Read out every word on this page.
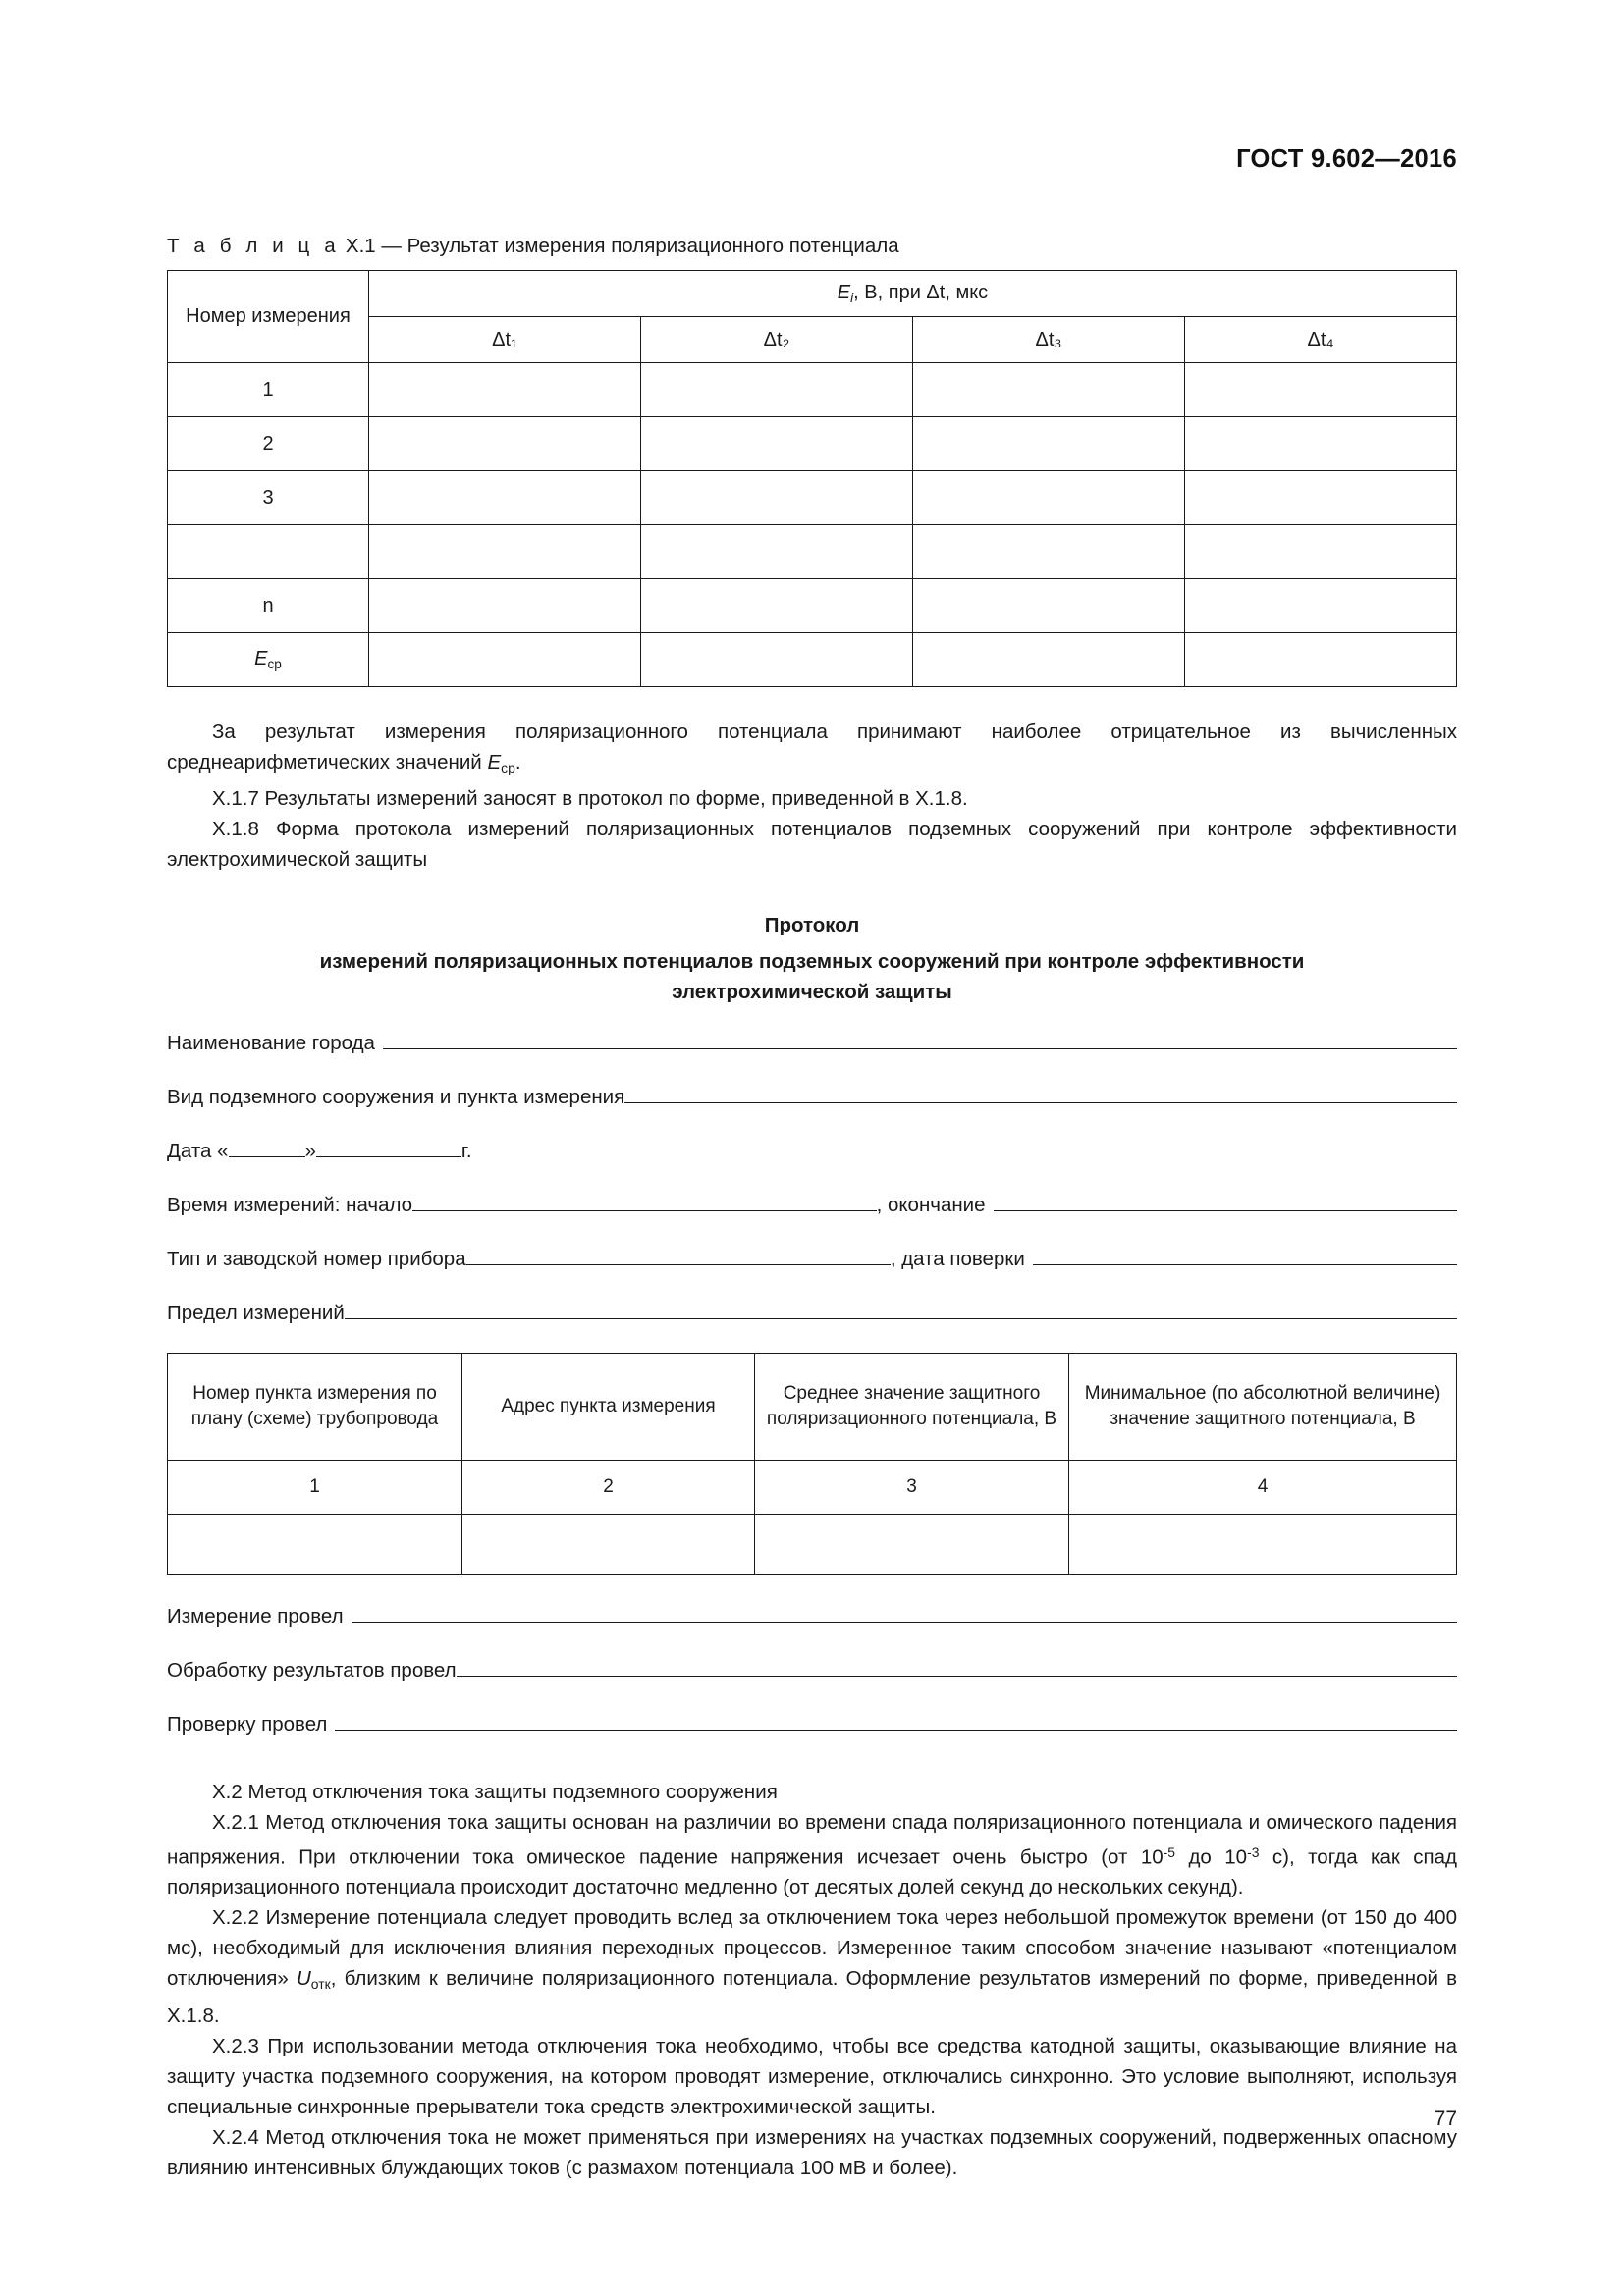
ГОСТ 9.602—2016
Т а б л и ц а Х.1 — Результат измерения поляризационного потенциала
Номер измерения	$E_i$, В, при Δt, мкс			
	Δt₁	Δt₂	Δt₃	Δt₄
1				
2				
3				

n				
$E_{ср}$				

За результат измерения поляризационного потенциала принимают наиболее отрицательное из вычисленных среднеарифметических значений $E_{ср}$.

Х.1.7 Результаты измерений заносят в протокол по форме, приведенной в Х.1.8.

Х.1.8 Форма протокола измерений поляризационных потенциалов подземных сооружений при контроле эффективности электрохимической защиты

Протокол
измерений поляризационных потенциалов подземных сооружений при контроле эффективности
электрохимической защиты
Наименование города
Вид подземного сооружения и пункта измерения
Дата «	»	г.
Время измерений: начало	, окончание
Тип и заводской номер прибора	, дата поверки
Предел измерений
Номер пункта измерения по плану (схеме) трубопровода	Адрес пункта измерения	Среднее значение защитного поляризационного потенциала, В	Минимальное (по абсолютной величине) значение защитного потенциала, В
1	2	3	4

Измерение провел
Обработку результатов провел
Проверку провел

Х.2 Метод отключения тока защиты подземного сооружения

Х.2.1 Метод отключения тока защиты основан на различии во времени спада поляризационного потенциала и омического падения напряжения. При отключении тока омическое падение напряжения исчезает очень быстро (от $10^{-5}$ до $10^{-3}$ с), тогда как спад поляризационного потенциала происходит достаточно медленно (от десятых долей секунд до нескольких секунд).

Х.2.2 Измерение потенциала следует проводить вслед за отключением тока через небольшой промежуток времени (от 150 до 400 мс), необходимый для исключения влияния переходных процессов. Измеренное таким способом значение называют «потенциалом отключения» $U_{отк}$, близким к величине поляризационного потенциала. Оформление результатов измерений по форме, приведенной в Х.1.8.

Х.2.3 При использовании метода отключения тока необходимо, чтобы все средства катодной защиты, оказывающие влияние на защиту участка подземного сооружения, на котором проводят измерение, отключались синхронно. Это условие выполняют, используя специальные синхронные прерыватели тока средств электрохимической защиты.

Х.2.4 Метод отключения тока не может применяться при измерениях на участках подземных сооружений, подверженных опасному влиянию интенсивных блуждающих токов (с размахом потенциала 100 мВ и более).

77
